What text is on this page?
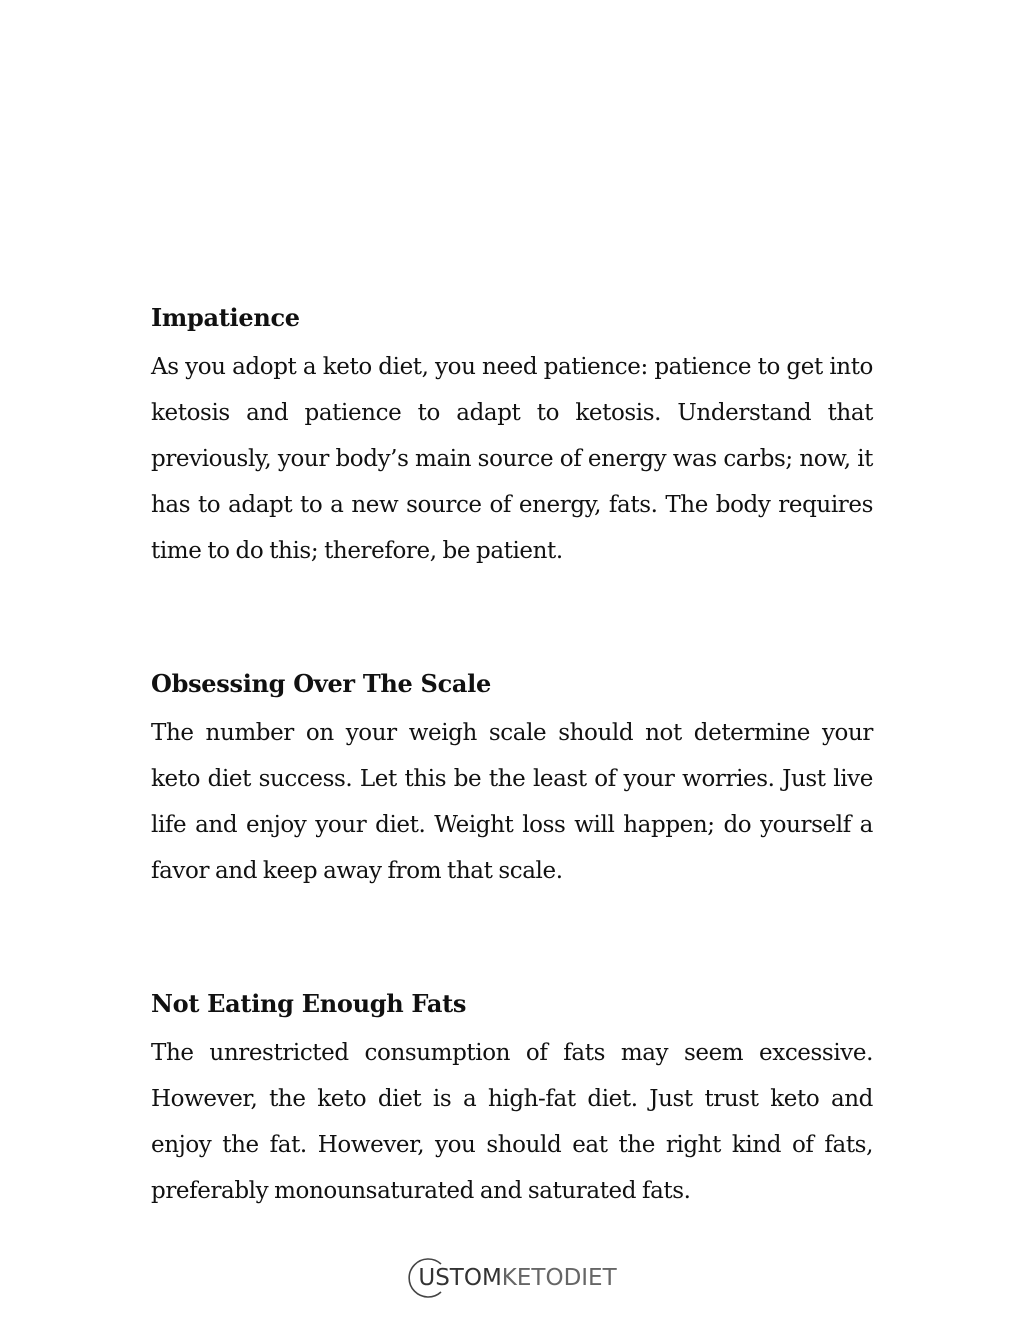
Impatience

As you adopt a keto diet, you need patience: patience to get into ketosis and patience to adapt to ketosis. Understand that previously, your body’s main source of energy was carbs; now, it has to adapt to a new source of energy, fats. The body requires time to do this; therefore, be patient.

Obsessing Over The Scale

The number on your weigh scale should not determine your keto diet success. Let this be the least of your worries. Just live life and enjoy your diet. Weight loss will happen; do yourself a favor and keep away from that scale.

Not Eating Enough Fats

The unrestricted consumption of fats may seem excessive. However, the keto diet is a high-fat diet. Just trust keto and enjoy the fat. However, you should eat the right kind of fats, preferably monounsaturated and saturated fats.

USTOMKETODIET
